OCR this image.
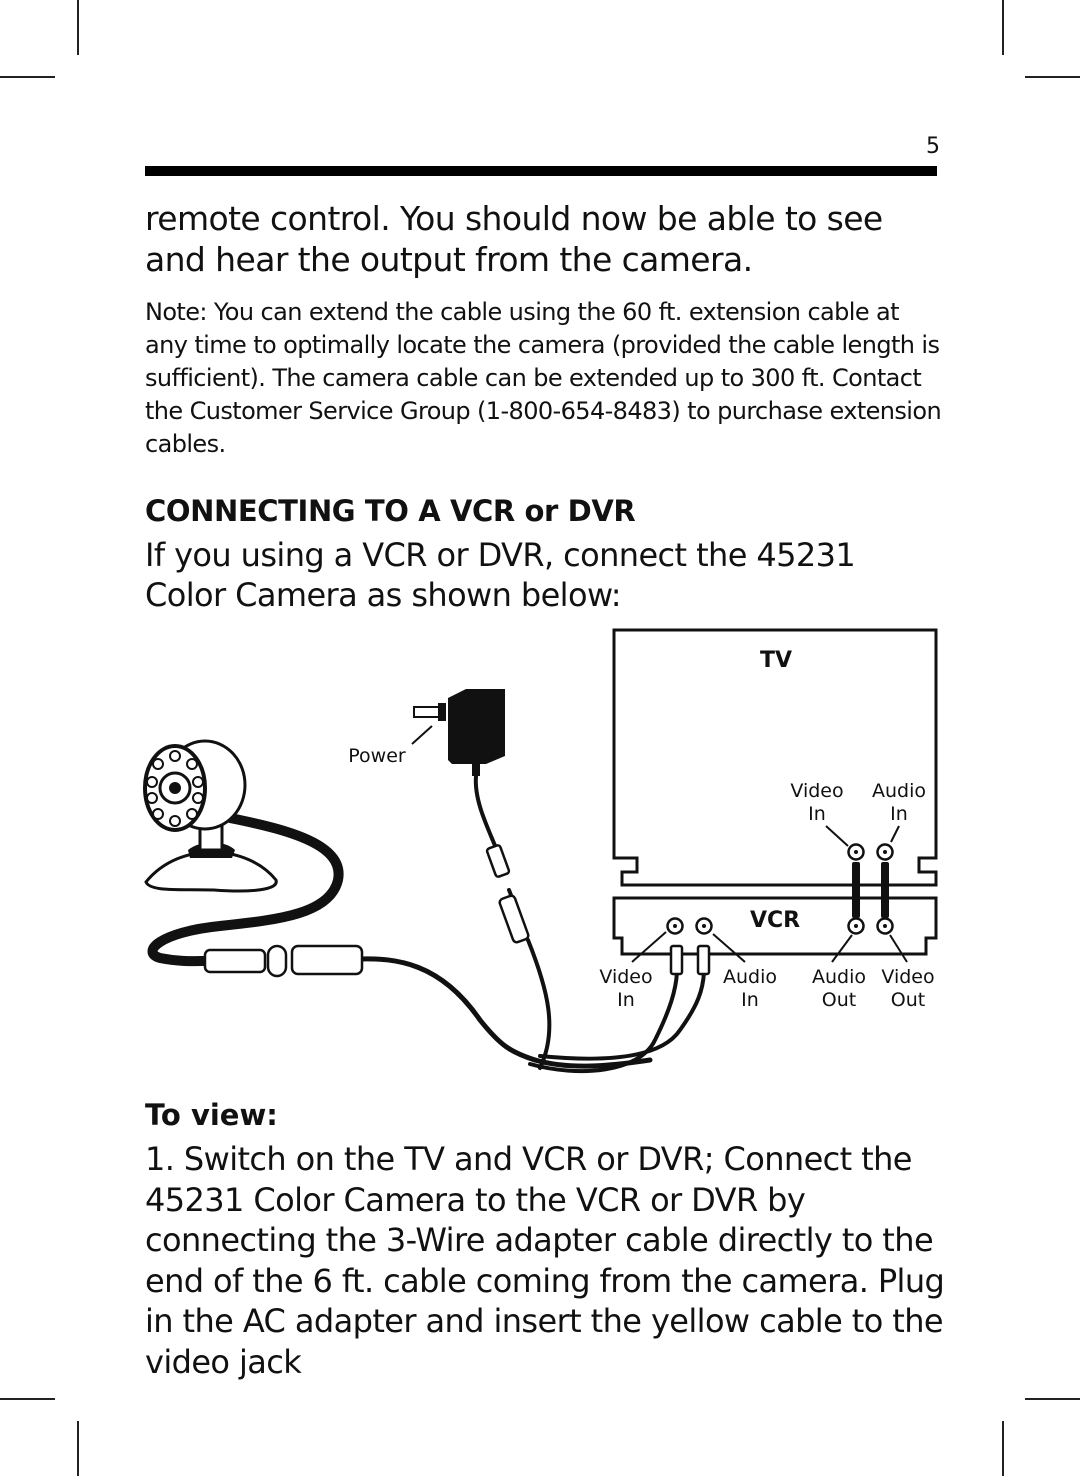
5

remote control. You should now be able to see and hear the output from the camera.

Note: You can extend the cable using the 60 ft. extension cable at any time to optimally locate the camera (provided the cable length is sufficient). The camera cable can be extended up to 300 ft. Contact the Customer Service Group (1-800-654-8483) to purchase extension cables.

CONNECTING TO A VCR or DVR

If you using a VCR or DVR, connect the 45231 Color Camera as shown below:

TV
VCR
Video
In
Audio
In
Video
In
Audio
In
Audio
Out
Video
Out
Power
To view:

1. Switch on the TV and VCR or DVR; Connect the 45231 Color Camera to the VCR or DVR by connecting the 3-Wire adapter cable directly to the end of the 6 ft. cable coming from the camera. Plug in the AC adapter and insert the yellow cable to the video jack
